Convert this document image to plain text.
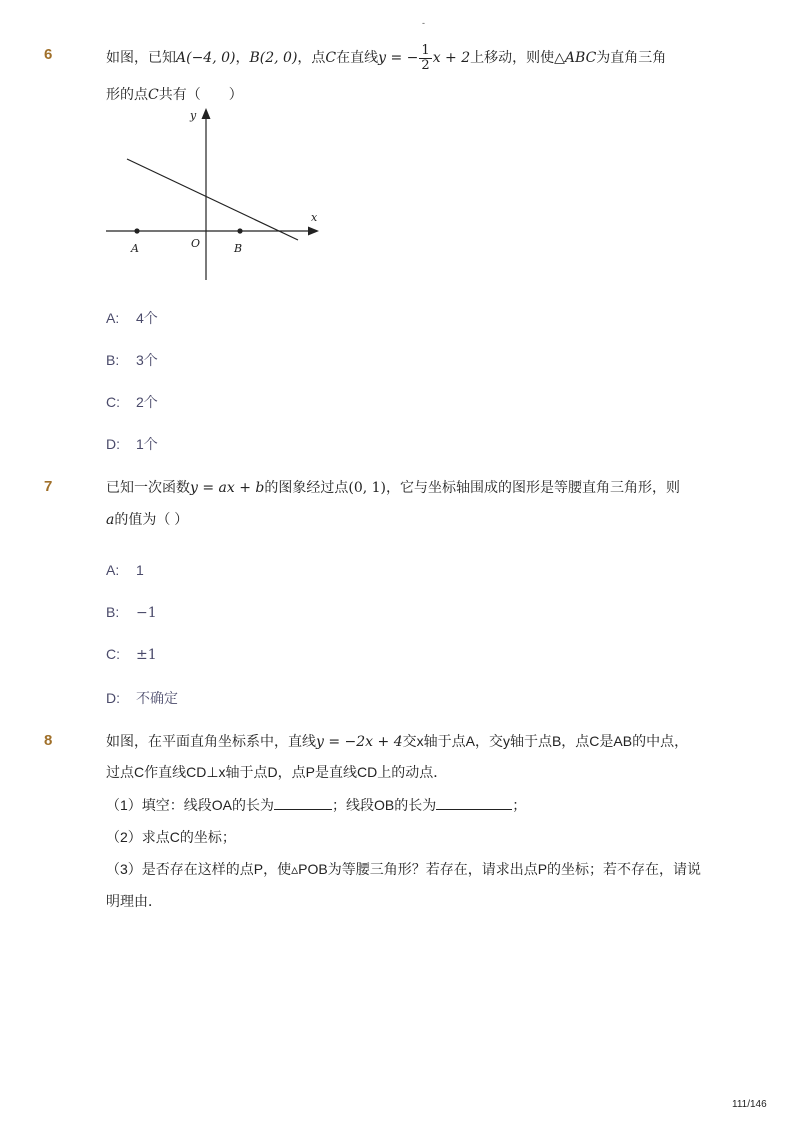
-
6	如图，已知A(−4, 0)，B(2, 0)，点C在直线y = − $\frac{1}{2}$ x + 2上移动，则使△ABC为直角三角
形的点C共有（　　）
y
x
A	O	B
A: 4个
B: 3个
C: 2个
D: 1个
7	已知一次函数y = ax + b的图象经过点(0, 1)，它与坐标轴围成的图形是等腰直角三角形，则
a的值为（ ）
A: 1
B: −1
C: ±1
D: 不确定
8	如图，在平面直角坐标系中，直线y = −2x + 4交x轴于点A，交y轴于点B，点C是AB的中点，
过点C作直线CD⊥x轴于点D，点P是直线CD上的动点．
（1）填空：线段OA的长为	；线段OB的长为	；
（2）求点C的坐标；
（3）是否存在这样的点P，使▵POB为等腰三角形？若存在，请求出点P的坐标；若不存在，请说
明理由．
111/146
